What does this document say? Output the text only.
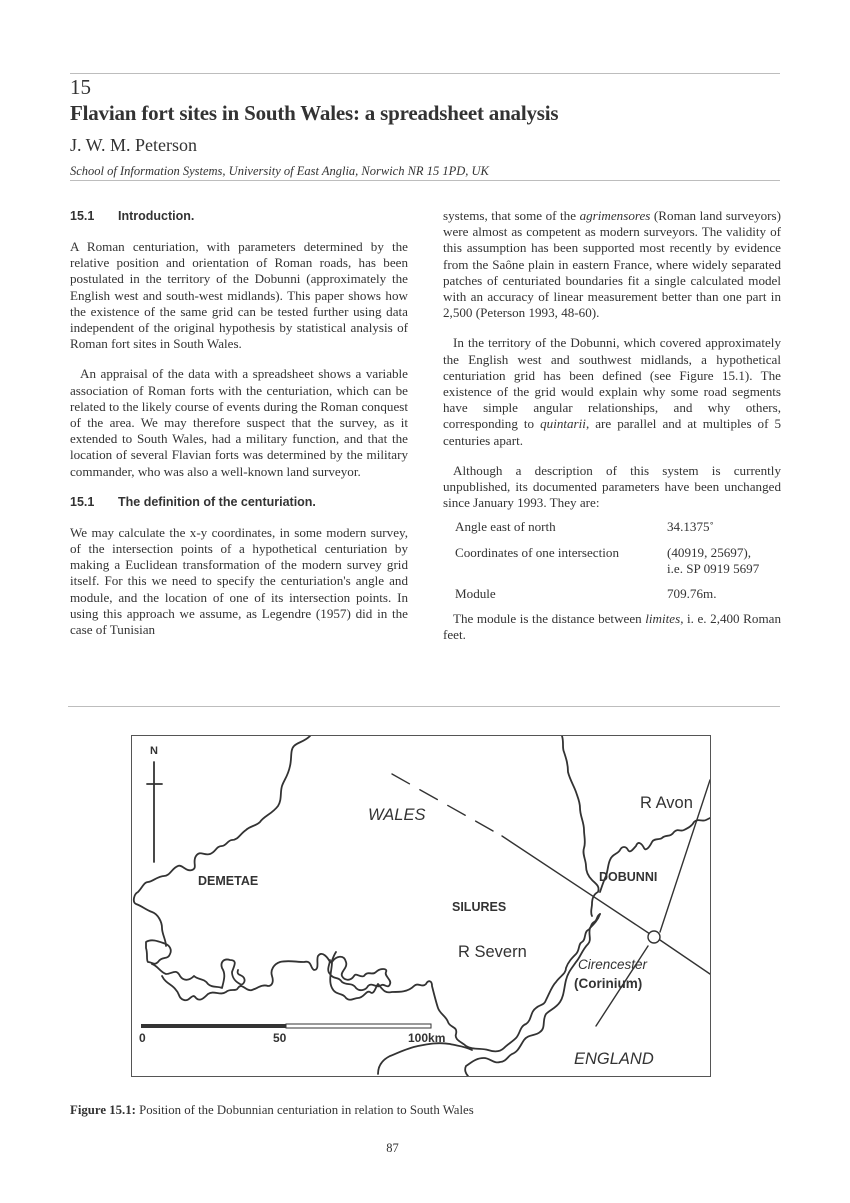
15
Flavian fort sites in South Wales: a spreadsheet analysis
J. W. M. Peterson
School of Information Systems, University of East Anglia, Norwich NR 15 1PD, UK
15.1	Introduction.

A Roman centuriation, with parameters determined by the relative position and orientation of Roman roads, has been postulated in the territory of the Dobunni (approximately the English west and south-west midlands). This paper shows how the existence of the same grid can be tested further using data independent of the original hypothesis by statistical analysis of Roman fort sites in South Wales.

An appraisal of the data with a spreadsheet shows a variable association of Roman forts with the centuriation, which can be related to the likely course of events during the Roman conquest of the area. We may therefore suspect that the survey, as it extended to South Wales, had a military function, and that the location of several Flavian forts was determined by the military commander, who was also a well-known land surveyor.

15.1	The definition of the centuriation.

We may calculate the x-y coordinates, in some modern survey, of the intersection points of a hypothetical centuriation by making a Euclidean transformation of the modern survey grid itself. For this we need to specify the centuriation's angle and module, and the location of one of its intersection points. In using this approach we assume, as Legendre (1957) did in the case of Tunisian

systems, that some of the agrimensores (Roman land surveyors) were almost as competent as modern surveyors. The validity of this assumption has been supported most recently by evidence from the Saône plain in eastern France, where widely separated patches of centuriated boundaries fit a single calculated model with an accuracy of linear measurement better than one part in 2,500 (Peterson 1993, 48-60).

In the territory of the Dobunni, which covered approximately the English west and southwest midlands, a hypothetical centuriation grid has been defined (see Figure 15.1). The existence of the grid would explain why some road segments have simple angular relationships, and why others, corresponding to quintarii, are parallel and at multiples of 5 centuries apart.

Although a description of this system is currently unpublished, its documented parameters have been unchanged since January 1993. They are:

Angle east of north	34.1375˚
Coordinates of one intersection	(40919, 25697),
i.e. SP 0919 5697
Module	709.76m.

The module is the distance between limites, i. e. 2,400 Roman feet.

N
WALES
R Avon
DEMETAE	DOBUNNI
SILURES
R Severn
Cirencester
(Corinium)
ENGLAND
0	50	100km
Figure 15.1: Position of the Dobunnian centuriation in relation to South Wales
87
